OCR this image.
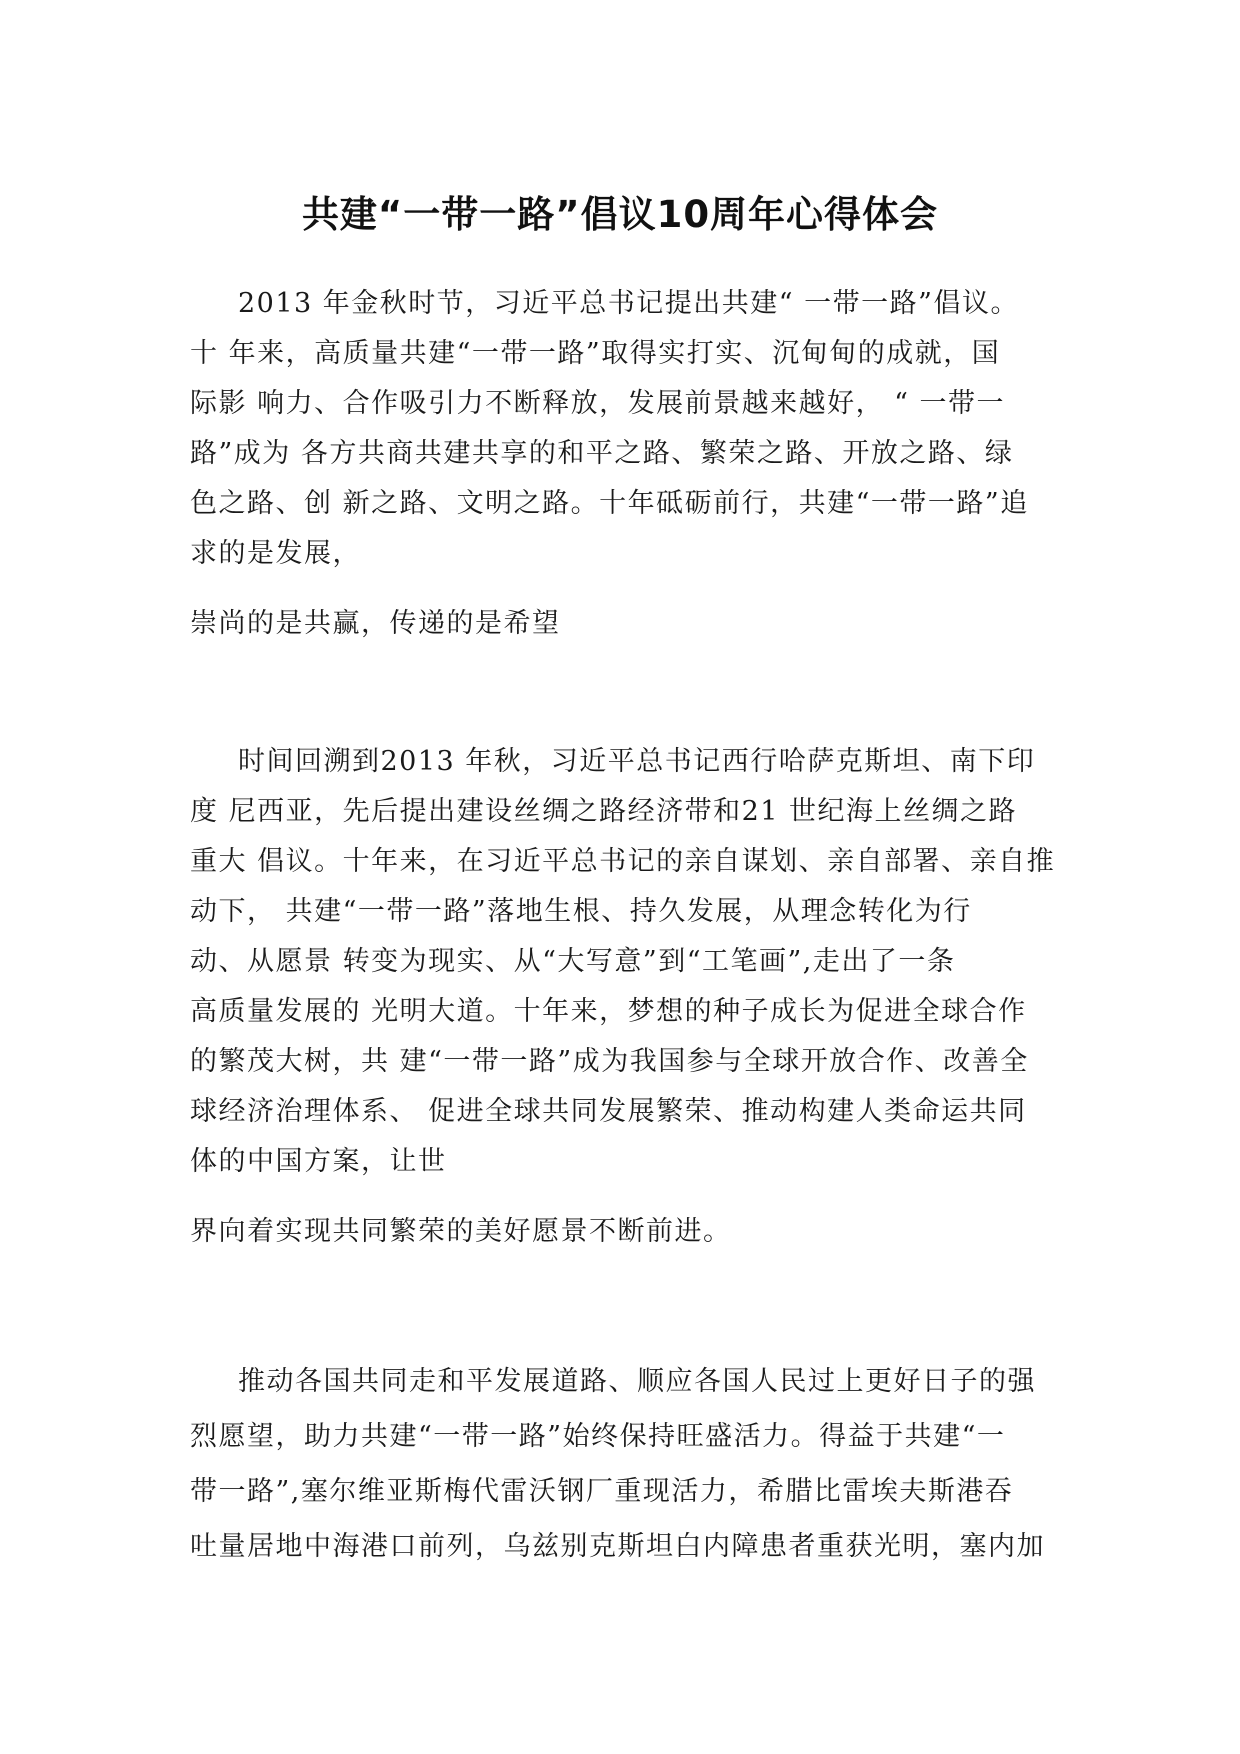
共建“一带一路”倡议10周年心得体会
2013 年金秋时节，习近平总书记提出共建“ 一带一路”倡议。
十 年来，高质量共建“一带一路”取得实打实、沉甸甸的成就，国
际影 响力、合作吸引力不断释放，发展前景越来越好， “ 一带一
路”成为 各方共商共建共享的和平之路、繁荣之路、开放之路、绿
色之路、创 新之路、文明之路。十年砥砺前行，共建“一带一路”追
求的是发展，
崇尚的是共赢，传递的是希望
时间回溯到2013 年秋，习近平总书记西行哈萨克斯坦、南下印
度 尼西亚，先后提出建设丝绸之路经济带和21 世纪海上丝绸之路
重大 倡议。十年来，在习近平总书记的亲自谋划、亲自部署、亲自推
动下， 共建“一带一路”落地生根、持久发展，从理念转化为行
动、从愿景 转变为现实、从“大写意”到“工笔画”,走出了一条
高质量发展的 光明大道。十年来，梦想的种子成长为促进全球合作
的繁茂大树，共 建“一带一路”成为我国参与全球开放合作、改善全
球经济治理体系、 促进全球共同发展繁荣、推动构建人类命运共同
体的中国方案，让世
界向着实现共同繁荣的美好愿景不断前进。
推动各国共同走和平发展道路、顺应各国人民过上更好日子的强
烈愿望，助力共建“一带一路”始终保持旺盛活力。得益于共建“一
带一路”,塞尔维亚斯梅代雷沃钢厂重现活力，希腊比雷埃夫斯港吞
吐量居地中海港口前列，乌兹别克斯坦白内障患者重获光明，塞内加
